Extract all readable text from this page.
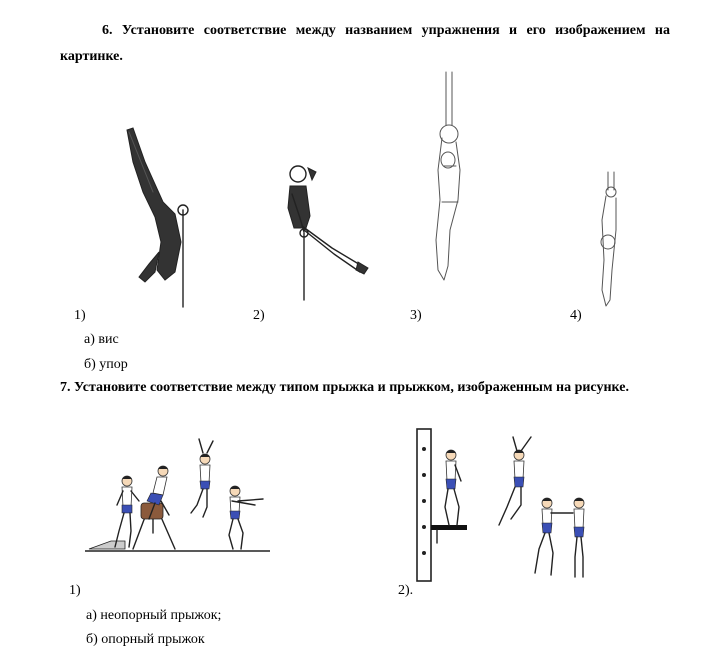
6. Установите соответствие между названием упражнения и его изображением на картинке.
1)	2)	3)	4)
а) вис
б) упор
7. Установите соответствие между типом прыжка и прыжком, изображенным на рисунке.
1)	2).
а) неопорный прыжок;
б) опорный прыжок
